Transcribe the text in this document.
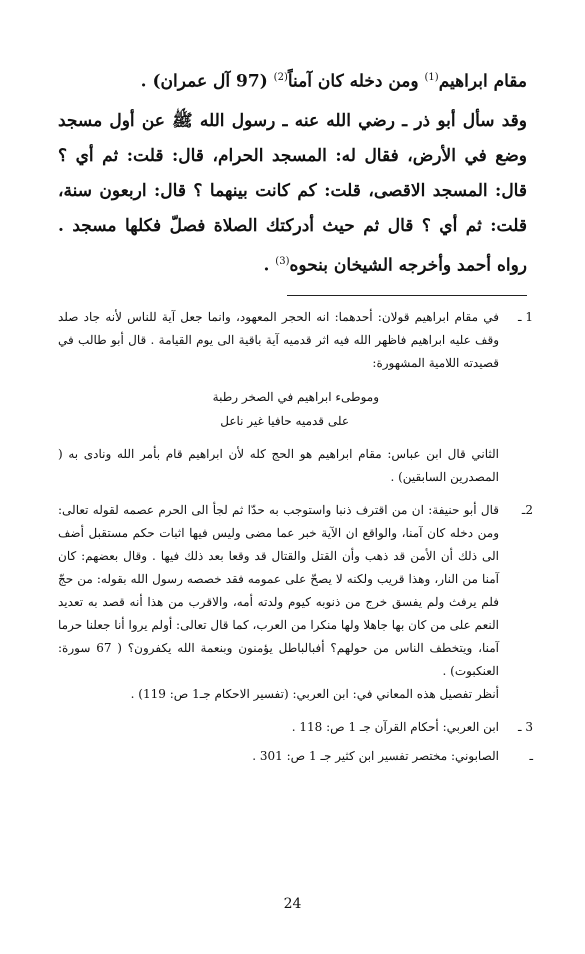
مقام ابراهيم$^{(1)}$ ومن دخله كان آمناً$^{(2)}$ (97 آل عمران) .

وقد سأل أبو ذر ـ رضي الله عنه ـ رسول الله ﷺ عن أول مسجد وضع في الأرض، فقال له: المسجد الحرام، قال: قلت: ثم أي ؟ قال: المسجد الاقصى، قلت: كم كانت بينهما ؟ قال: اربعون سنة، قلت: ثم أي ؟ قال ثم حيث أدركتك الصلاة فصلّ فكلها مسجد . رواه أحمد وأخرجه الشيخان بنحوه$^{(3)}$ .

1 ـ
في مقام ابراهيم قولان: أحدهما: انه الحجر المعهود، وانما جعل آية للناس لأنه جاد صلد وقف عليه ابراهيم فاظهر الله فيه اثر قدميه آية باقية الى يوم القيامة . قال أبو طالب في قصيدته اللامية المشهورة:
وموطىء ابراهيم في الصخر رطبة
على قدميه حافيا غير ناعل
الثاني قال ابن عباس: مقام ابراهيم هو الحج كله لأن ابراهيم قام بأمر الله ونادى به ( المصدرين السابقين) .
2ـ
قال أبو حنيفة: ان من اقترف ذنبا واستوجب به حدّا ثم لجأ الى الحرم عصمه لقوله تعالى: ومن دخله كان آمنا، والواقع ان الآية خبر عما مضى وليس فيها اثبات حكم مستقبل أضف الى ذلك أن الأمن قد ذهب وأن القتل والقتال قد وقعا بعد ذلك فيها . وقال بعضهم: كان آمنا من النار، وهذا قريب ولكنه لا يصحّ على عمومه فقد خصصه رسول الله بقوله: من حجّ فلم يرفث ولم يفسق خرج من ذنوبه كيوم ولدته أمه، والاقرب من هذا أنه قصد به تعديد النعم على من كان بها جاهلا ولها منكرا من العرب، كما قال تعالى: أولم يروا أنا جعلنا حرما آمنا، ويتخطف الناس من حولهم؟ أفبالباطل يؤمنون وبنعمة الله يكفرون؟ ( 67 سورة: العنكبوت) .
أنظر تفصيل هذه المعاني في: ابن العربي: (تفسير الاحكام جـ1 ص: 119) .
3 ـ
ابن العربي: أحكام القرآن جـ 1 ص: 118 .
ـ
الصابوني: مختصر تفسير ابن كثير جـ 1 ص: 301 .
24
